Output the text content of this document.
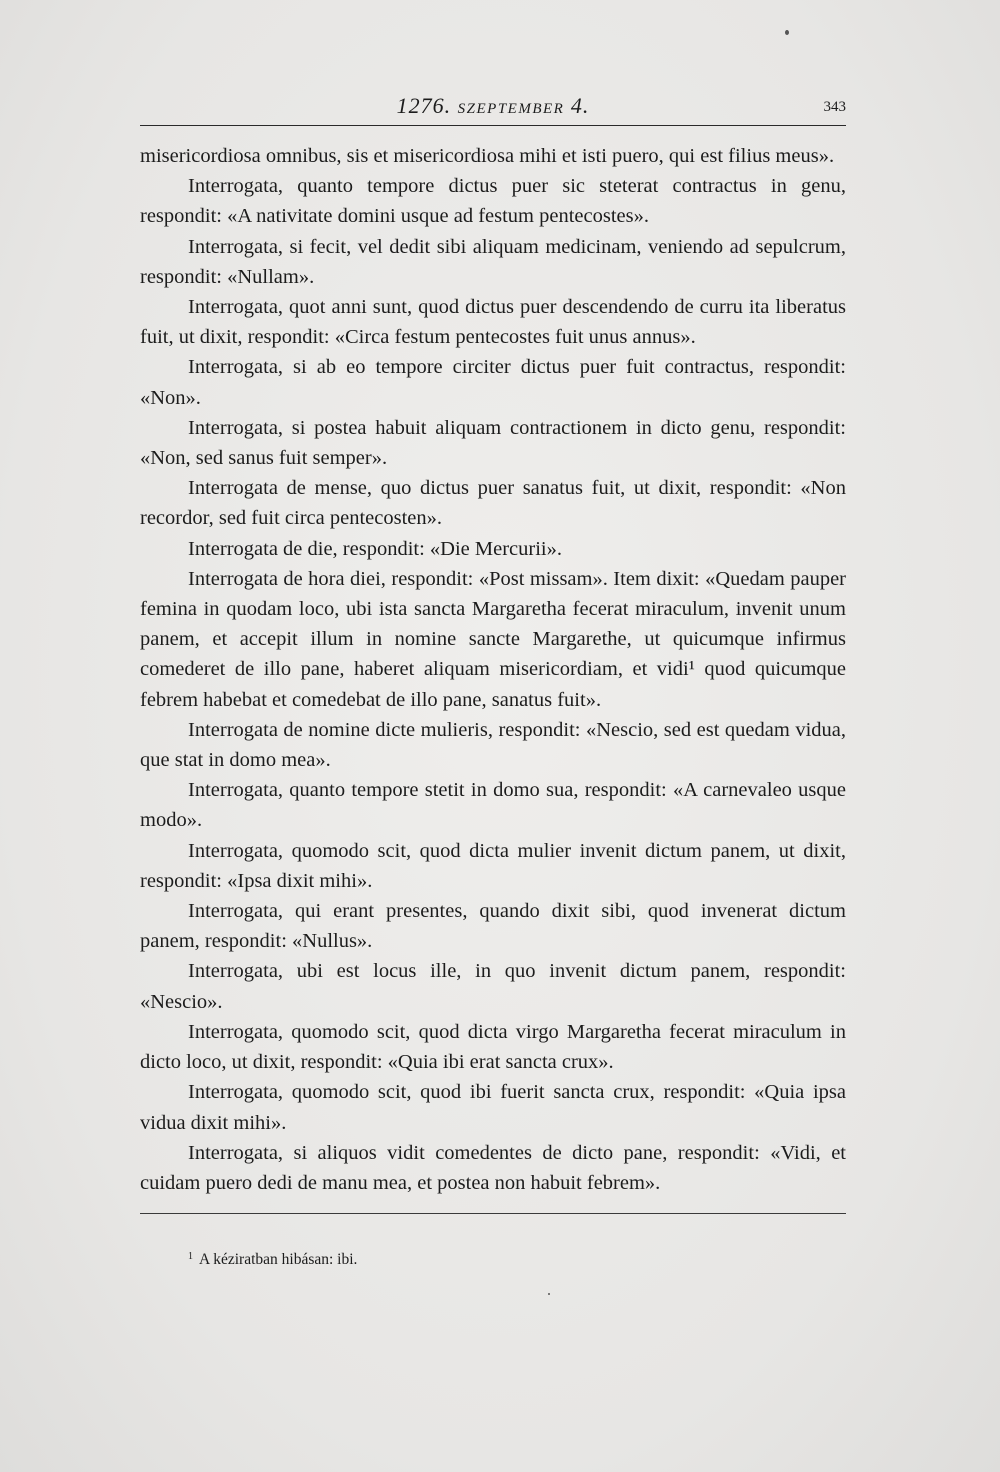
1276. SZEPTEMBER 4.	343

misericordiosa omnibus, sis et misericordiosa mihi et isti puero, qui est filius meus».

Interrogata, quanto tempore dictus puer sic steterat contractus in genu, respondit: «A nativitate domini usque ad festum pentecostes».

Interrogata, si fecit, vel dedit sibi aliquam medicinam, veniendo ad sepulcrum, respondit: «Nullam».

Interrogata, quot anni sunt, quod dictus puer descendendo de curru ita liberatus fuit, ut dixit, respondit: «Circa festum pentecostes fuit unus annus».

Interrogata, si ab eo tempore circiter dictus puer fuit contractus, respondit: «Non».

Interrogata, si postea habuit aliquam contractionem in dicto genu, respondit: «Non, sed sanus fuit semper».

Interrogata de mense, quo dictus puer sanatus fuit, ut dixit, respondit: «Non recordor, sed fuit circa pentecosten».

Interrogata de die, respondit: «Die Mercurii».

Interrogata de hora diei, respondit: «Post missam». Item dixit: «Quedam pauper femina in quodam loco, ubi ista sancta Margaretha fecerat miraculum, invenit unum panem, et accepit illum in nomine sancte Margarethe, ut quicumque infirmus comederet de illo pane, haberet aliquam misericordiam, et vidi¹ quod quicumque febrem habebat et comedebat de illo pane, sanatus fuit».

Interrogata de nomine dicte mulieris, respondit: «Nescio, sed est quedam vidua, que stat in domo mea».

Interrogata, quanto tempore stetit in domo sua, respondit: «A carnevaleo usque modo».

Interrogata, quomodo scit, quod dicta mulier invenit dictum panem, ut dixit, respondit: «Ipsa dixit mihi».

Interrogata, qui erant presentes, quando dixit sibi, quod invenerat dictum panem, respondit: «Nullus».

Interrogata, ubi est locus ille, in quo invenit dictum panem, respondit: «Nescio».

Interrogata, quomodo scit, quod dicta virgo Margaretha fecerat miraculum in dicto loco, ut dixit, respondit: «Quia ibi erat sancta crux».

Interrogata, quomodo scit, quod ibi fuerit sancta crux, respondit: «Quia ipsa vidua dixit mihi».

Interrogata, si aliquos vidit comedentes de dicto pane, respondit: «Vidi, et cuidam puero dedi de manu mea, et postea non habuit febrem».

$^1$ A kéziratban hibásan: ibi.
